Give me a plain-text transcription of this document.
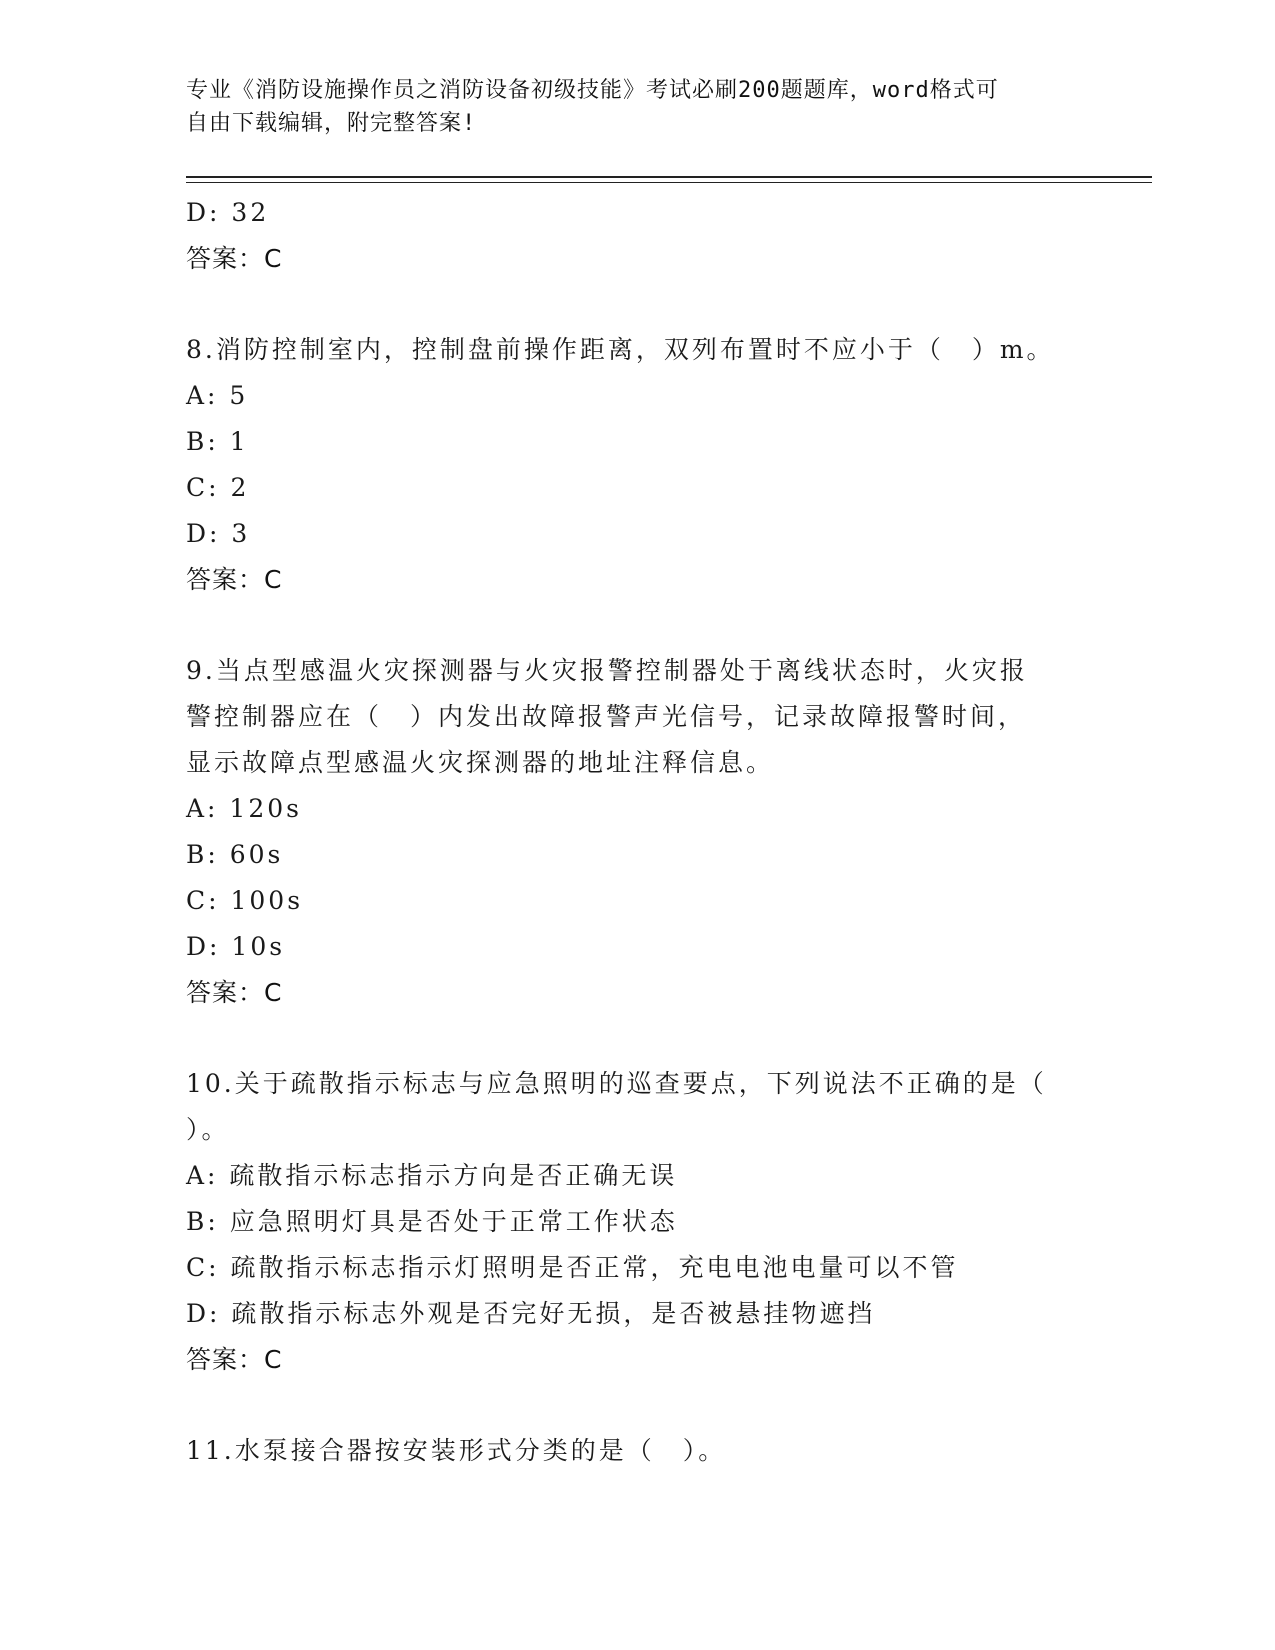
专业《消防设施操作员之消防设备初级技能》考试必刷200题题库，word格式可
自由下载编辑，附完整答案!
D: 32
答案：C
8.消防控制室内，控制盘前操作距离，双列布置时不应小于（　）m。
A: 5
B: 1
C: 2
D: 3
答案：C
9.当点型感温火灾探测器与火灾报警控制器处于离线状态时，火灾报
警控制器应在（　）内发出故障报警声光信号，记录故障报警时间，
显示故障点型感温火灾探测器的地址注释信息。
A: 120s
B: 60s
C: 100s
D: 10s
答案：C
10.关于疏散指示标志与应急照明的巡查要点，下列说法不正确的是（
）。
A: 疏散指示标志指示方向是否正确无误
B: 应急照明灯具是否处于正常工作状态
C: 疏散指示标志指示灯照明是否正常，充电电池电量可以不管
D: 疏散指示标志外观是否完好无损，是否被悬挂物遮挡
答案：C
11.水泵接合器按安装形式分类的是（　）。
